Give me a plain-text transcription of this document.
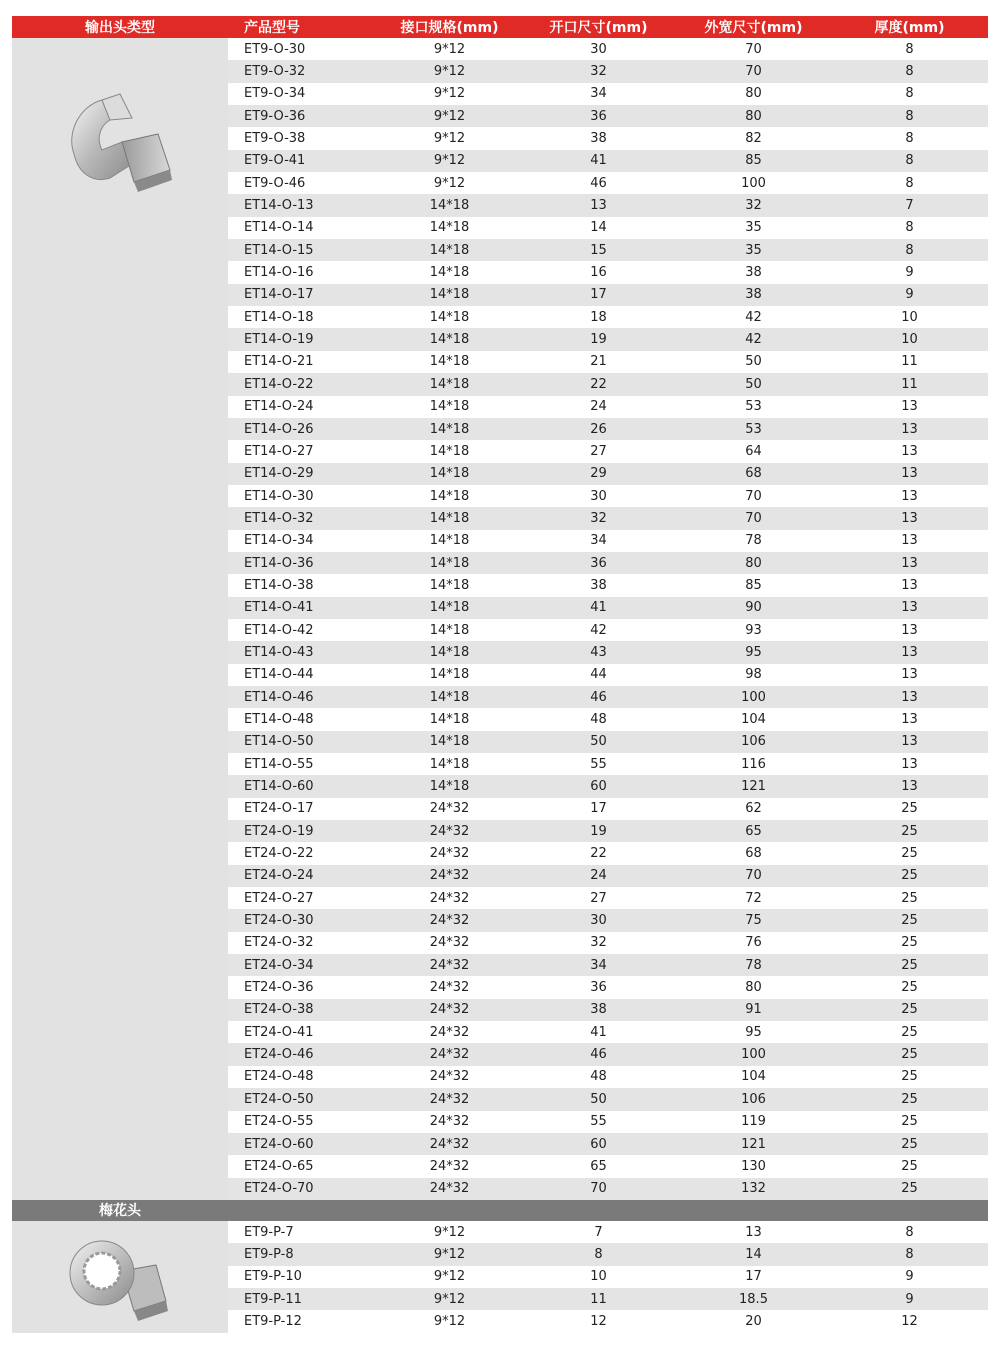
输出头类型	产品型号	接口规格(mm)	开口尺寸(mm)	外宽尺寸(mm)	厚度(mm)
ET9-O-30	9*12	30	70	8
ET9-O-32	9*12	32	70	8
ET9-O-34	9*12	34	80	8
ET9-O-36	9*12	36	80	8
ET9-O-38	9*12	38	82	8
ET9-O-41	9*12	41	85	8
ET9-O-46	9*12	46	100	8
ET14-O-13	14*18	13	32	7
ET14-O-14	14*18	14	35	8
ET14-O-15	14*18	15	35	8
ET14-O-16	14*18	16	38	9
ET14-O-17	14*18	17	38	9
ET14-O-18	14*18	18	42	10
ET14-O-19	14*18	19	42	10
ET14-O-21	14*18	21	50	11
ET14-O-22	14*18	22	50	11
ET14-O-24	14*18	24	53	13
ET14-O-26	14*18	26	53	13
ET14-O-27	14*18	27	64	13
ET14-O-29	14*18	29	68	13
ET14-O-30	14*18	30	70	13
ET14-O-32	14*18	32	70	13
ET14-O-34	14*18	34	78	13
ET14-O-36	14*18	36	80	13
ET14-O-38	14*18	38	85	13
ET14-O-41	14*18	41	90	13
ET14-O-42	14*18	42	93	13
ET14-O-43	14*18	43	95	13
ET14-O-44	14*18	44	98	13
ET14-O-46	14*18	46	100	13
ET14-O-48	14*18	48	104	13
ET14-O-50	14*18	50	106	13
ET14-O-55	14*18	55	116	13
ET14-O-60	14*18	60	121	13
ET24-O-17	24*32	17	62	25
ET24-O-19	24*32	19	65	25
ET24-O-22	24*32	22	68	25
ET24-O-24	24*32	24	70	25
ET24-O-27	24*32	27	72	25
ET24-O-30	24*32	30	75	25
ET24-O-32	24*32	32	76	25
ET24-O-34	24*32	34	78	25
ET24-O-36	24*32	36	80	25
ET24-O-38	24*32	38	91	25
ET24-O-41	24*32	41	95	25
ET24-O-46	24*32	46	100	25
ET24-O-48	24*32	48	104	25
ET24-O-50	24*32	50	106	25
ET24-O-55	24*32	55	119	25
ET24-O-60	24*32	60	121	25
ET24-O-65	24*32	65	130	25
ET24-O-70	24*32	70	132	25
梅花头
ET9-P-7	9*12	7	13	8
ET9-P-8	9*12	8	14	8
ET9-P-10	9*12	10	17	9
ET9-P-11	9*12	11	18.5	9
ET9-P-12	9*12	12	20	12
